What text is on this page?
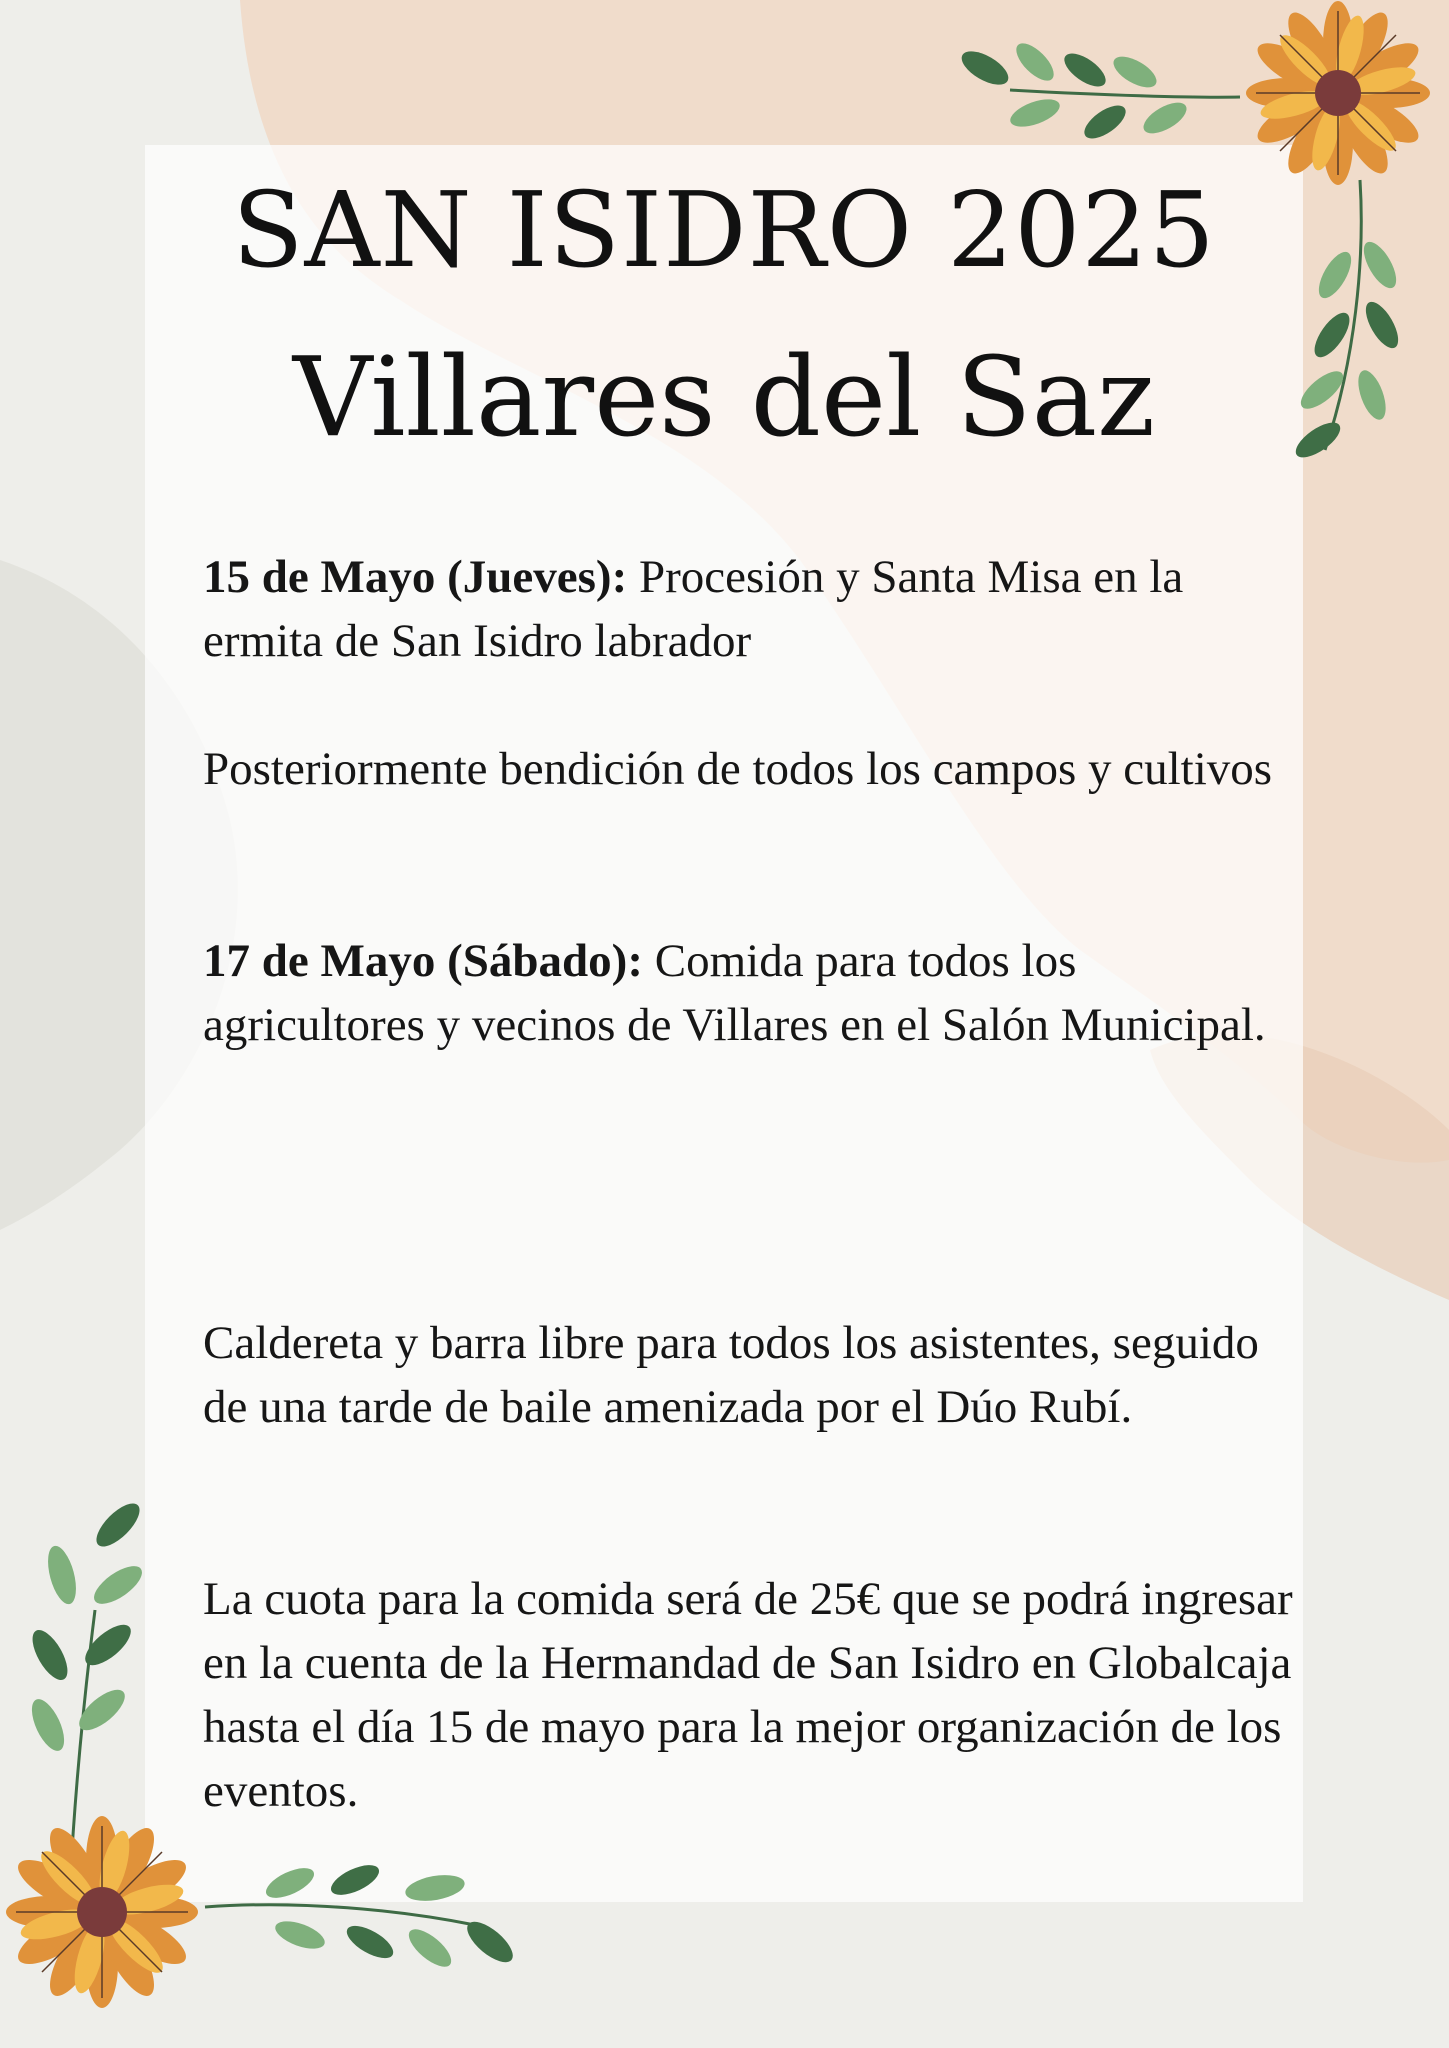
SAN ISIDRO 2025
Villares del Saz

15 de Mayo (Jueves): Procesión y Santa Misa en la ermita de San Isidro labrador

Posteriormente bendición de todos los campos y cultivos

17 de Mayo (Sábado): Comida para todos los agricultores y vecinos de Villares en el Salón Municipal.

Caldereta y barra libre para todos los asistentes, seguido de una tarde de baile amenizada por el Dúo Rubí.

La cuota para la comida será de 25€ que se podrá ingresar en la cuenta de la Hermandad de San Isidro en Globalcaja hasta el día 15 de mayo para la mejor organización de los eventos.
